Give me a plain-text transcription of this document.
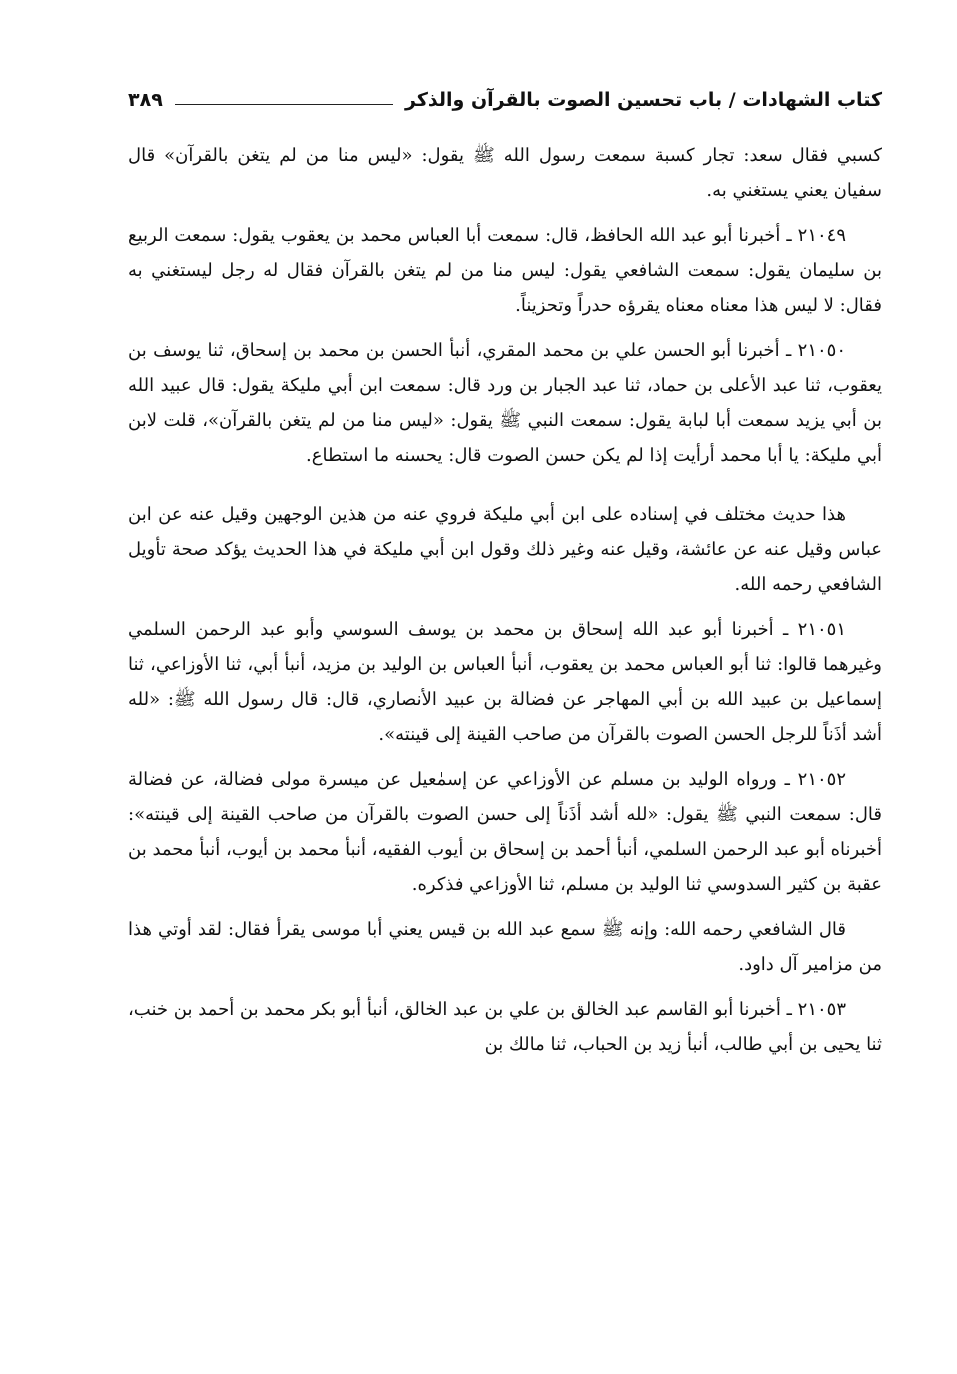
كتاب الشهادات / باب تحسين الصوت بالقرآن والذكر
٣٨٩

كسبي فقال سعد: تجار كسبة سمعت رسول الله ﷺ يقول: «ليس منا من لم يتغن بالقرآن» قال سفيان يعني يستغني به.

٢١٠٤٩ ـ أخبرنا أبو عبد الله الحافظ، قال: سمعت أبا العباس محمد بن يعقوب يقول: سمعت الربيع بن سليمان يقول: سمعت الشافعي يقول: ليس منا من لم يتغن بالقرآن فقال له رجل ليستغني به فقال: لا ليس هذا معناه معناه يقرؤه حدراً وتحزيناً.

٢١٠٥٠ ـ أخبرنا أبو الحسن علي بن محمد المقري، أنبأ الحسن بن محمد بن إسحاق، ثنا يوسف بن يعقوب، ثنا عبد الأعلى بن حماد، ثنا عبد الجبار بن ورد قال: سمعت ابن أبي مليكة يقول: قال عبيد الله بن أبي يزيد سمعت أبا لبابة يقول: سمعت النبي ﷺ يقول: «ليس منا من لم يتغن بالقرآن»، قلت لابن أبي مليكة: يا أبا محمد أرأيت إذا لم يكن حسن الصوت قال: يحسنه ما استطاع.

هذا حديث مختلف في إسناده على ابن أبي مليكة فروي عنه من هذين الوجهين وقيل عنه عن ابن عباس وقيل عنه عن عائشة، وقيل عنه وغير ذلك وقول ابن أبي مليكة في هذا الحديث يؤكد صحة تأويل الشافعي رحمه الله.

٢١٠٥١ ـ أخبرنا أبو عبد الله إسحاق بن محمد بن يوسف السوسي وأبو عبد الرحمن السلمي وغيرهما قالوا: ثنا أبو العباس محمد بن يعقوب، أنبأ العباس بن الوليد بن مزيد، أنبأ أبي، ثنا الأوزاعي، ثنا إسماعيل بن عبيد الله بن أبي المهاجر عن فضالة بن عبيد الأنصاري، قال: قال رسول الله ﷺ: «لله أشد أذَناً للرجل الحسن الصوت بالقرآن من صاحب القينة إلى قينته».

٢١٠٥٢ ـ ورواه الوليد بن مسلم عن الأوزاعي عن إسمٰعيل عن ميسرة مولى فضالة، عن فضالة قال: سمعت النبي ﷺ يقول: «لله أشد أذَناً إلى حسن الصوت بالقرآن من صاحب القينة إلى قينته»: أخبرناه أبو عبد الرحمن السلمي، أنبأ أحمد بن إسحاق بن أيوب الفقيه، أنبأ محمد بن أيوب، أنبأ محمد بن عقبة بن كثير السدوسي ثنا الوليد بن مسلم، ثنا الأوزاعي فذكره.

قال الشافعي رحمه الله: وإنه ﷺ سمع عبد الله بن قيس يعني أبا موسى يقرأ فقال: لقد أوتي هذا من مزامير آل داود.

٢١٠٥٣ ـ أخبرنا أبو القاسم عبد الخالق بن علي بن عبد الخالق، أنبأ أبو بكر محمد بن أحمد بن خنب، ثنا يحيى بن أبي طالب، أنبأ زيد بن الحباب، ثنا مالك بن
